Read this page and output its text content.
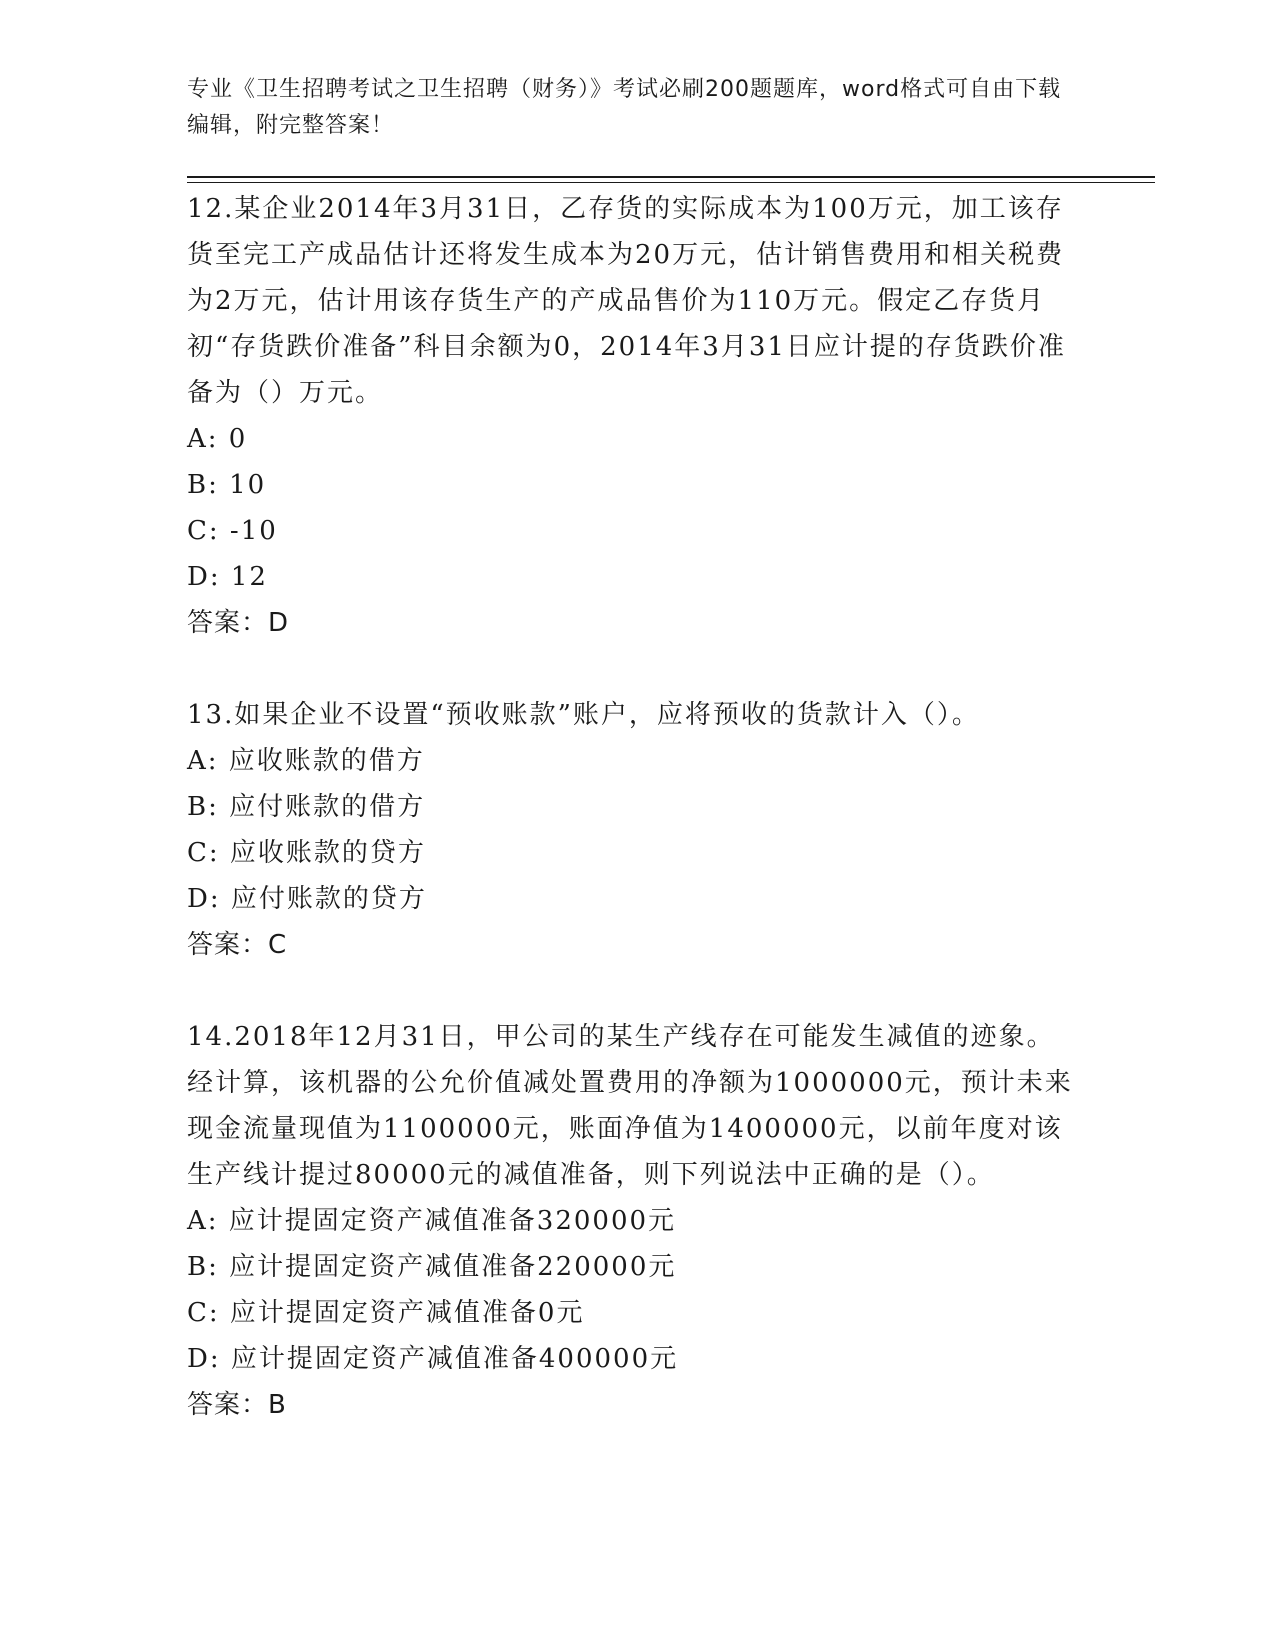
专业《卫生招聘考试之卫生招聘（财务）》考试必刷200题题库，word格式可自由下载编辑，附完整答案！

12.某企业2014年3月31日，乙存货的实际成本为100万元，加工该存货至完工产成品估计还将发生成本为20万元，估计销售费用和相关税费为2万元，估计用该存货生产的产成品售价为110万元。假定乙存货月初“存货跌价准备”科目余额为0，2014年3月31日应计提的存货跌价准备为（）万元。

A: 0

B: 10

C: -10

D: 12

答案：D

13.如果企业不设置“预收账款”账户，应将预收的货款计入（）。

A: 应收账款的借方

B: 应付账款的借方

C: 应收账款的贷方

D: 应付账款的贷方

答案：C

14.2018年12月31日，甲公司的某生产线存在可能发生减值的迹象。经计算，该机器的公允价值减处置费用的净额为1000000元，预计未来现金流量现值为1100000元，账面净值为1400000元，以前年度对该生产线计提过80000元的减值准备，则下列说法中正确的是（）。

A: 应计提固定资产减值准备320000元

B: 应计提固定资产减值准备220000元

C: 应计提固定资产减值准备0元

D: 应计提固定资产减值准备400000元

答案：B
